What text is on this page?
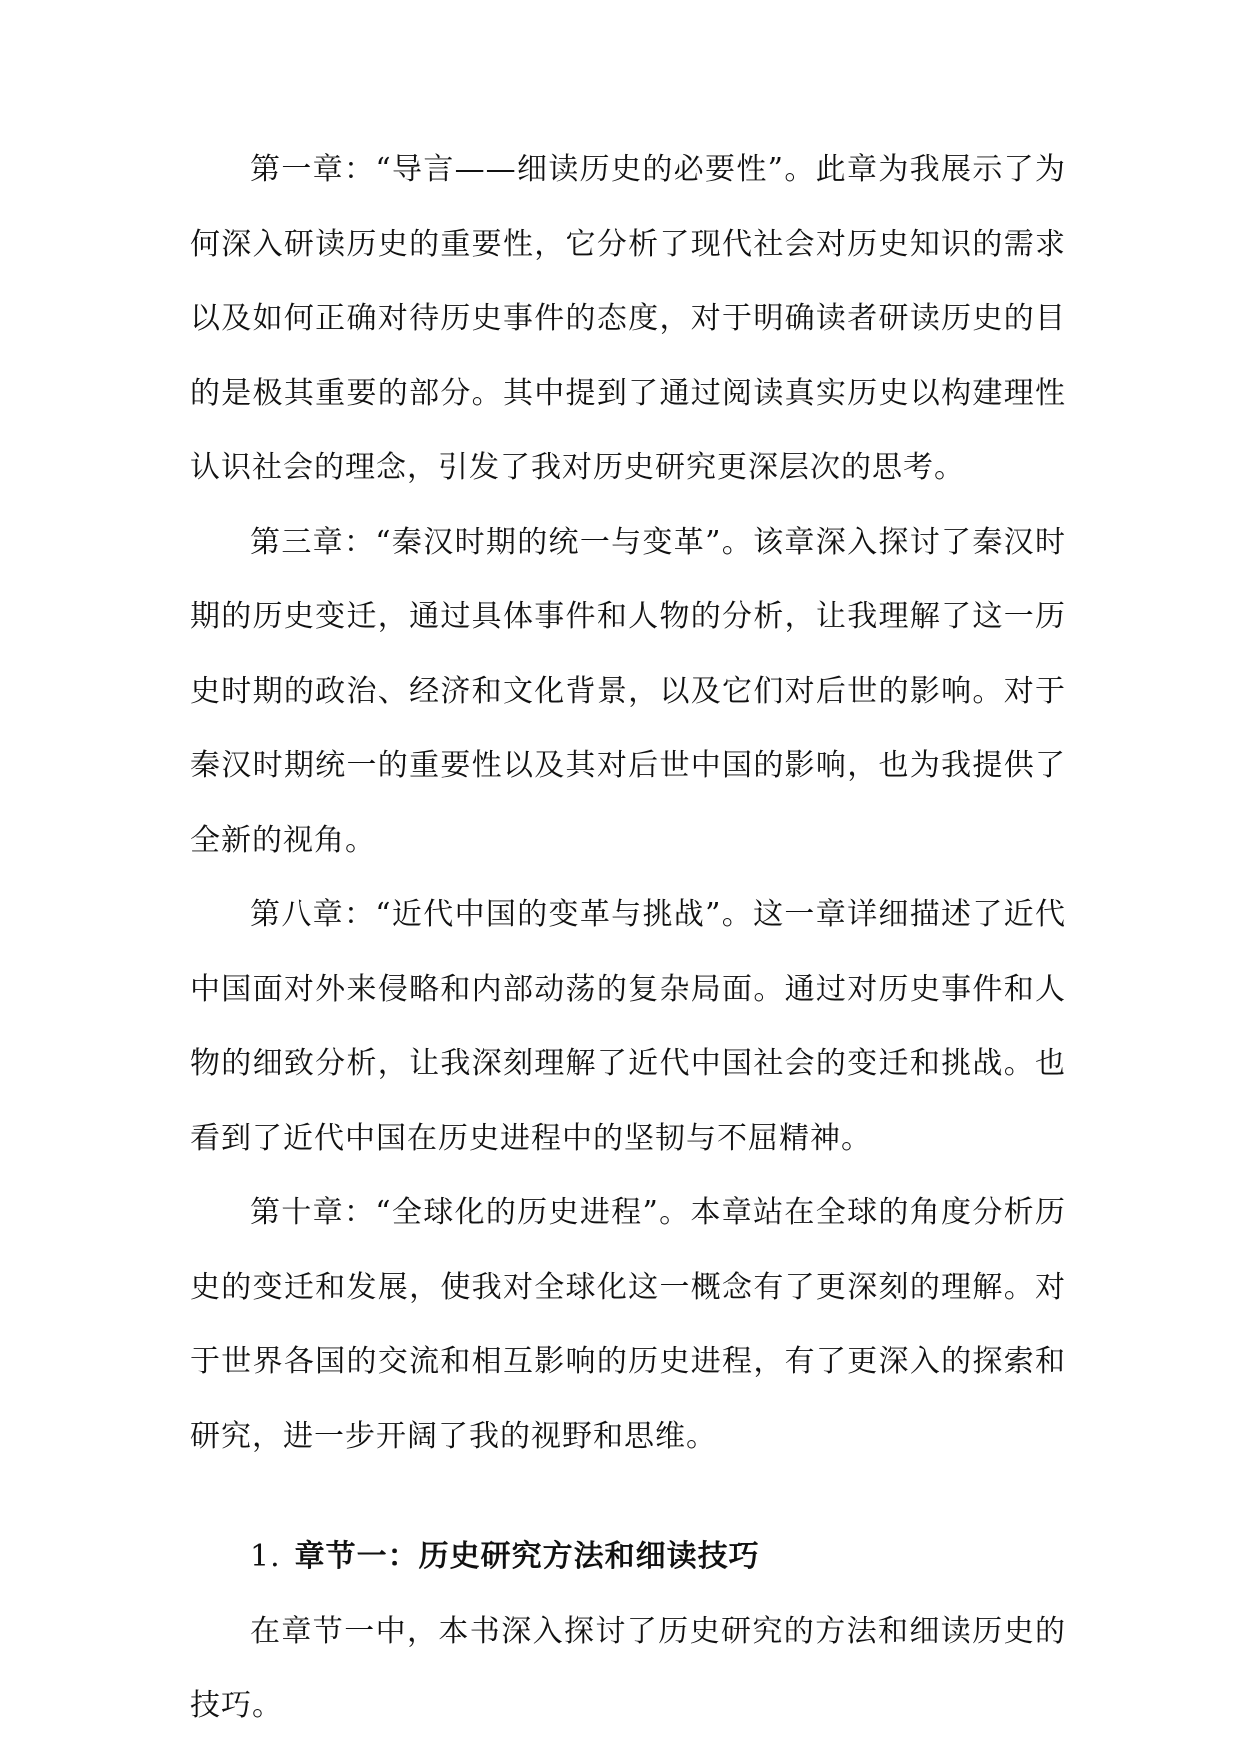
第一章：“导言——细读历史的必要性”。此章为我展示了为何深入研读历史的重要性，它分析了现代社会对历史知识的需求以及如何正确对待历史事件的态度，对于明确读者研读历史的目的是极其重要的部分。其中提到了通过阅读真实历史以构建理性认识社会的理念，引发了我对历史研究更深层次的思考。

第三章：“秦汉时期的统一与变革”。该章深入探讨了秦汉时期的历史变迁，通过具体事件和人物的分析，让我理解了这一历史时期的政治、经济和文化背景，以及它们对后世的影响。对于秦汉时期统一的重要性以及其对后世中国的影响，也为我提供了全新的视角。

第八章：“近代中国的变革与挑战”。这一章详细描述了近代中国面对外来侵略和内部动荡的复杂局面。通过对历史事件和人物的细致分析，让我深刻理解了近代中国社会的变迁和挑战。也看到了近代中国在历史进程中的坚韧与不屈精神。

第十章：“全球化的历史进程”。本章站在全球的角度分析历史的变迁和发展，使我对全球化这一概念有了更深刻的理解。对于世界各国的交流和相互影响的历史进程，有了更深入的探索和研究，进一步开阔了我的视野和思维。

1. 章节一：历史研究方法和细读技巧

在章节一中，本书深入探讨了历史研究的方法和细读历史的技巧。
